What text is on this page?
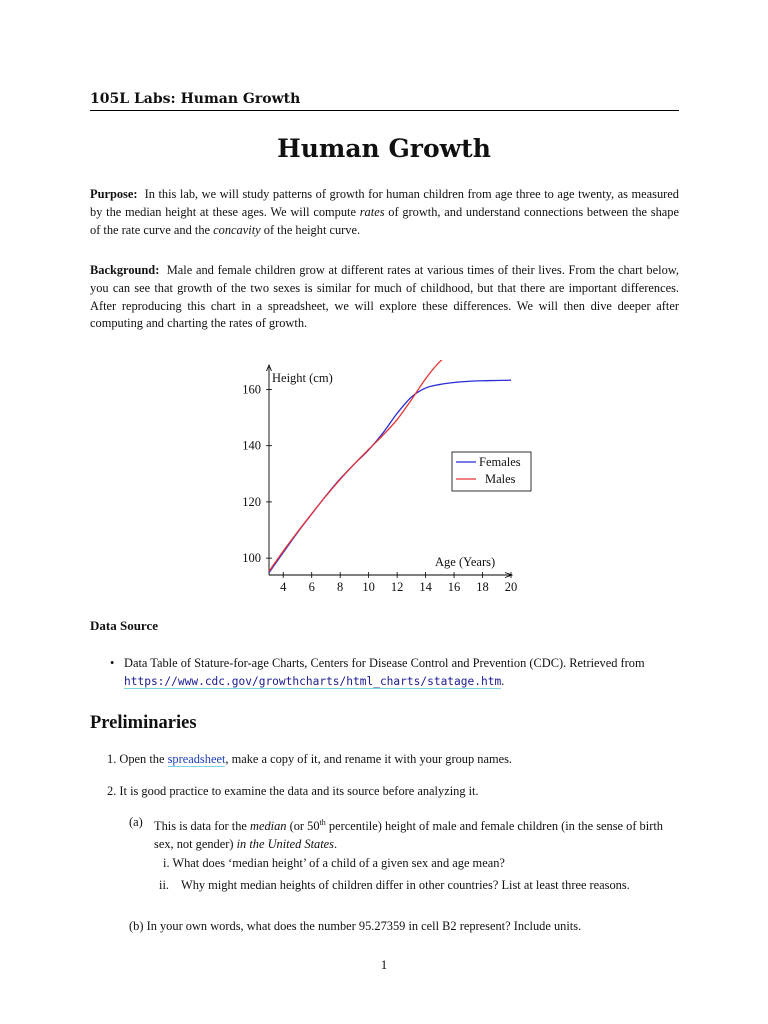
105L Labs: Human Growth
Human Growth
Purpose: In this lab, we will study patterns of growth for human children from age three to age twenty, as measured by the median height at these ages. We will compute rates of growth, and understand connections between the shape of the rate curve and the concavity of the height curve.
Background: Male and female children grow at different rates at various times of their lives. From the chart below, you can see that growth of the two sexes is similar for much of childhood, but that there are important differences. After reproducing this chart in a spreadsheet, we will explore these differences. We will then dive deeper after computing and charting the rates of growth.
Height (cm)
Age (Years)
4 6 8 10 12 14 16 18 20
100
120
140
160
Females
Males
Data Source
• Data Table of Stature-for-age Charts, Centers for Disease Control and Prevention (CDC). Retrieved from https://www.cdc.gov/growthcharts/html_charts/statage.htm.
Preliminaries
1. Open the spreadsheet, make a copy of it, and rename it with your group names.
2. It is good practice to examine the data and its source before analyzing it.
(a) This is data for the median (or 50th percentile) height of male and female children (in the sense of birth sex, not gender) in the United States.
i. What does ‘median height’ of a child of a given sex and age mean?
ii. Why might median heights of children differ in other countries? List at least three reasons.
(b) In your own words, what does the number 95.27359 in cell B2 represent? Include units.
1
